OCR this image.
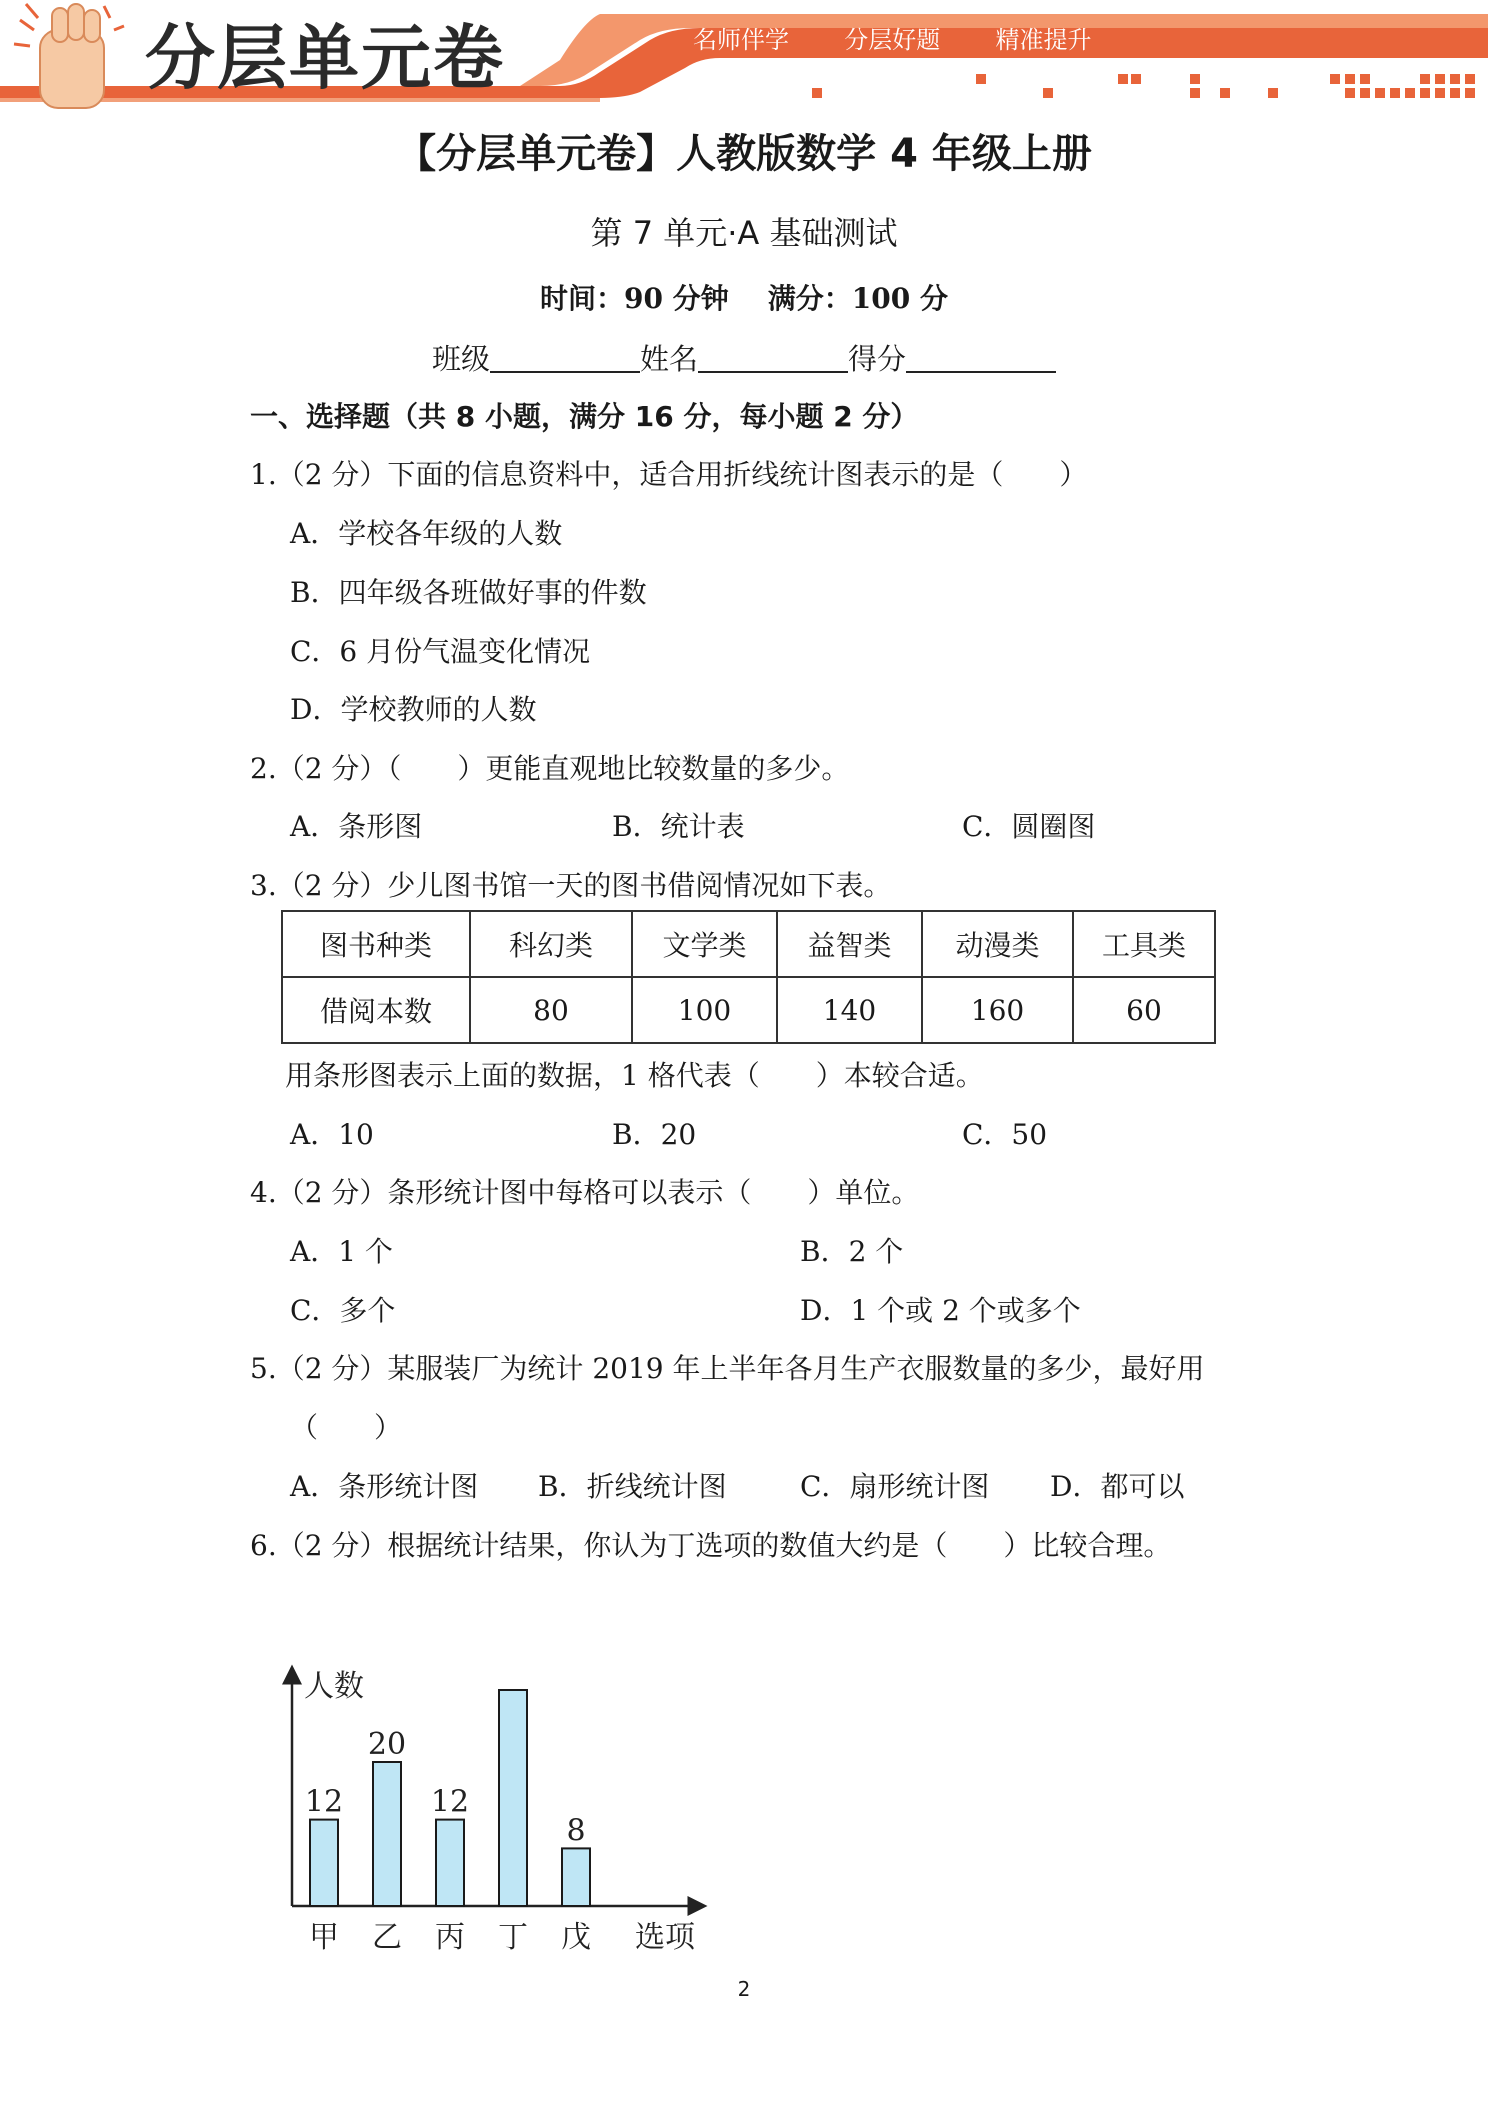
分层单元卷	名师伴学  分层好题  精准提升
【分层单元卷】人教版数学 4 年级上册
第 7 单元·A 基础测试
时间：90 分钟    满分：100 分
班级	姓名	得分
一、选择题（共 8 小题，满分 16 分，每小题 2 分）
1.（2 分）下面的信息资料中，适合用折线统计图表示的是（　　）
A．学校各年级的人数
B．四年级各班做好事的件数
C．6 月份气温变化情况
D．学校教师的人数
2.（2 分）（　　）更能直观地比较数量的多少。
A．条形图	B．统计表	C．圆圈图
3.（2 分）少儿图书馆一天的图书借阅情况如下表。
图书种类	科幻类	文学类	益智类	动漫类	工具类
借阅本数	80	100	140	160	60
用条形图表示上面的数据，1 格代表（　　）本较合适。
A．10	B．20	C．50
4.（2 分）条形统计图中每格可以表示（　　）单位。
A．1 个	B．2 个
C．多个	D．1 个或 2 个或多个
5.（2 分）某服装厂为统计 2019 年上半年各月生产衣服数量的多少，最好用
（　　）
A．条形统计图 B．折线统计图	C．扇形统计图 D．都可以
6.（2 分）根据统计结果，你认为丁选项的数值大约是（　　）比较合理。
人数
选项
12
甲
20
乙
12
丙 丁
8
戊
2
